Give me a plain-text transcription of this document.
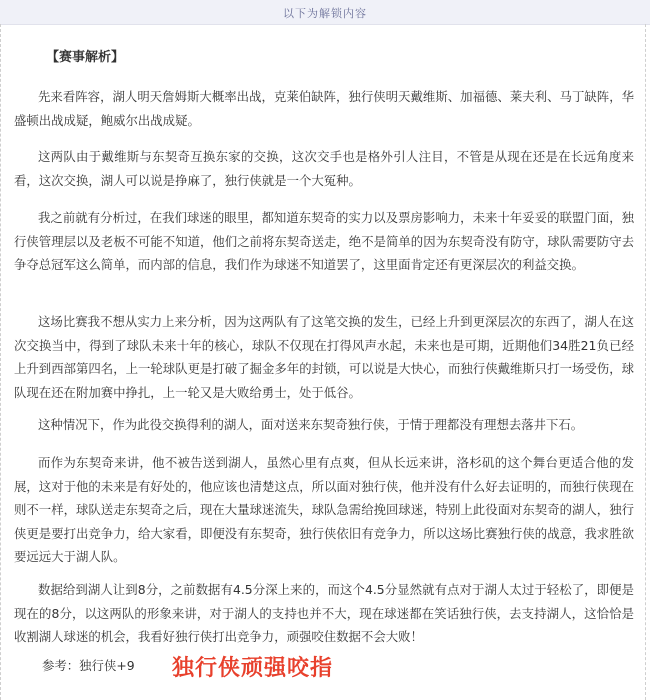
以下为解锁内容
【赛事解析】

先来看阵容，湖人明天詹姆斯大概率出战，克莱伯缺阵，独行侠明天戴维斯、加福德、莱夫利、马丁缺阵，华盛顿出战成疑，鲍威尔出战成疑。

这两队由于戴维斯与东契奇互换东家的交换，这次交手也是格外引人注目，不管是从现在还是在长远角度来看，这次交换，湖人可以说是挣麻了，独行侠就是一个大冤种。

我之前就有分析过，在我们球迷的眼里，都知道东契奇的实力以及票房影响力，未来十年妥妥的联盟门面，独行侠管理层以及老板不可能不知道，他们之前将东契奇送走，绝不是简单的因为东契奇没有防守，球队需要防守去争夺总冠军这么简单，而内部的信息，我们作为球迷不知道罢了，这里面肯定还有更深层次的利益交换。

这场比赛我不想从实力上来分析，因为这两队有了这笔交换的发生，已经上升到更深层次的东西了，湖人在这次交换当中，得到了球队未来十年的核心，球队不仅现在打得风声水起，未来也是可期，近期他们34胜21负已经上升到西部第四名，上一轮球队更是打破了掘金多年的封锁，可以说是大快心，而独行侠戴维斯只打一场受伤，球队现在还在附加赛中挣扎，上一轮又是大败给勇士，处于低谷。

这种情况下，作为此役交换得利的湖人，面对送来东契奇独行侠，于情于理都没有理想去落井下石。

而作为东契奇来讲，他不被告送到湖人，虽然心里有点爽，但从长远来讲，洛杉矶的这个舞台更适合他的发展，这对于他的未来是有好处的，他应该也清楚这点，所以面对独行侠，他并没有什么好去证明的，而独行侠现在则不一样，球队送走东契奇之后，现在大量球迷流失，球队急需给挽回球迷，特别上此役面对东契奇的湖人，独行侠更是要打出竞争力，给大家看，即便没有东契奇，独行侠依旧有竞争力，所以这场比赛独行侠的战意，我求胜欲要远远大于湖人队。

数据给到湖人让到8分，之前数据有4.5分深上来的，而这个4.5分显然就有点对于湖人太过于轻松了，即便是现在的8分，以这两队的形象来讲，对于湖人的支持也并不大，现在球迷都在笑话独行侠，去支持湖人，这恰恰是收割湖人球迷的机会，我看好独行侠打出竞争力，顽强咬住数据不会大败！

参考：独行侠+9 独行侠顽强咬指
